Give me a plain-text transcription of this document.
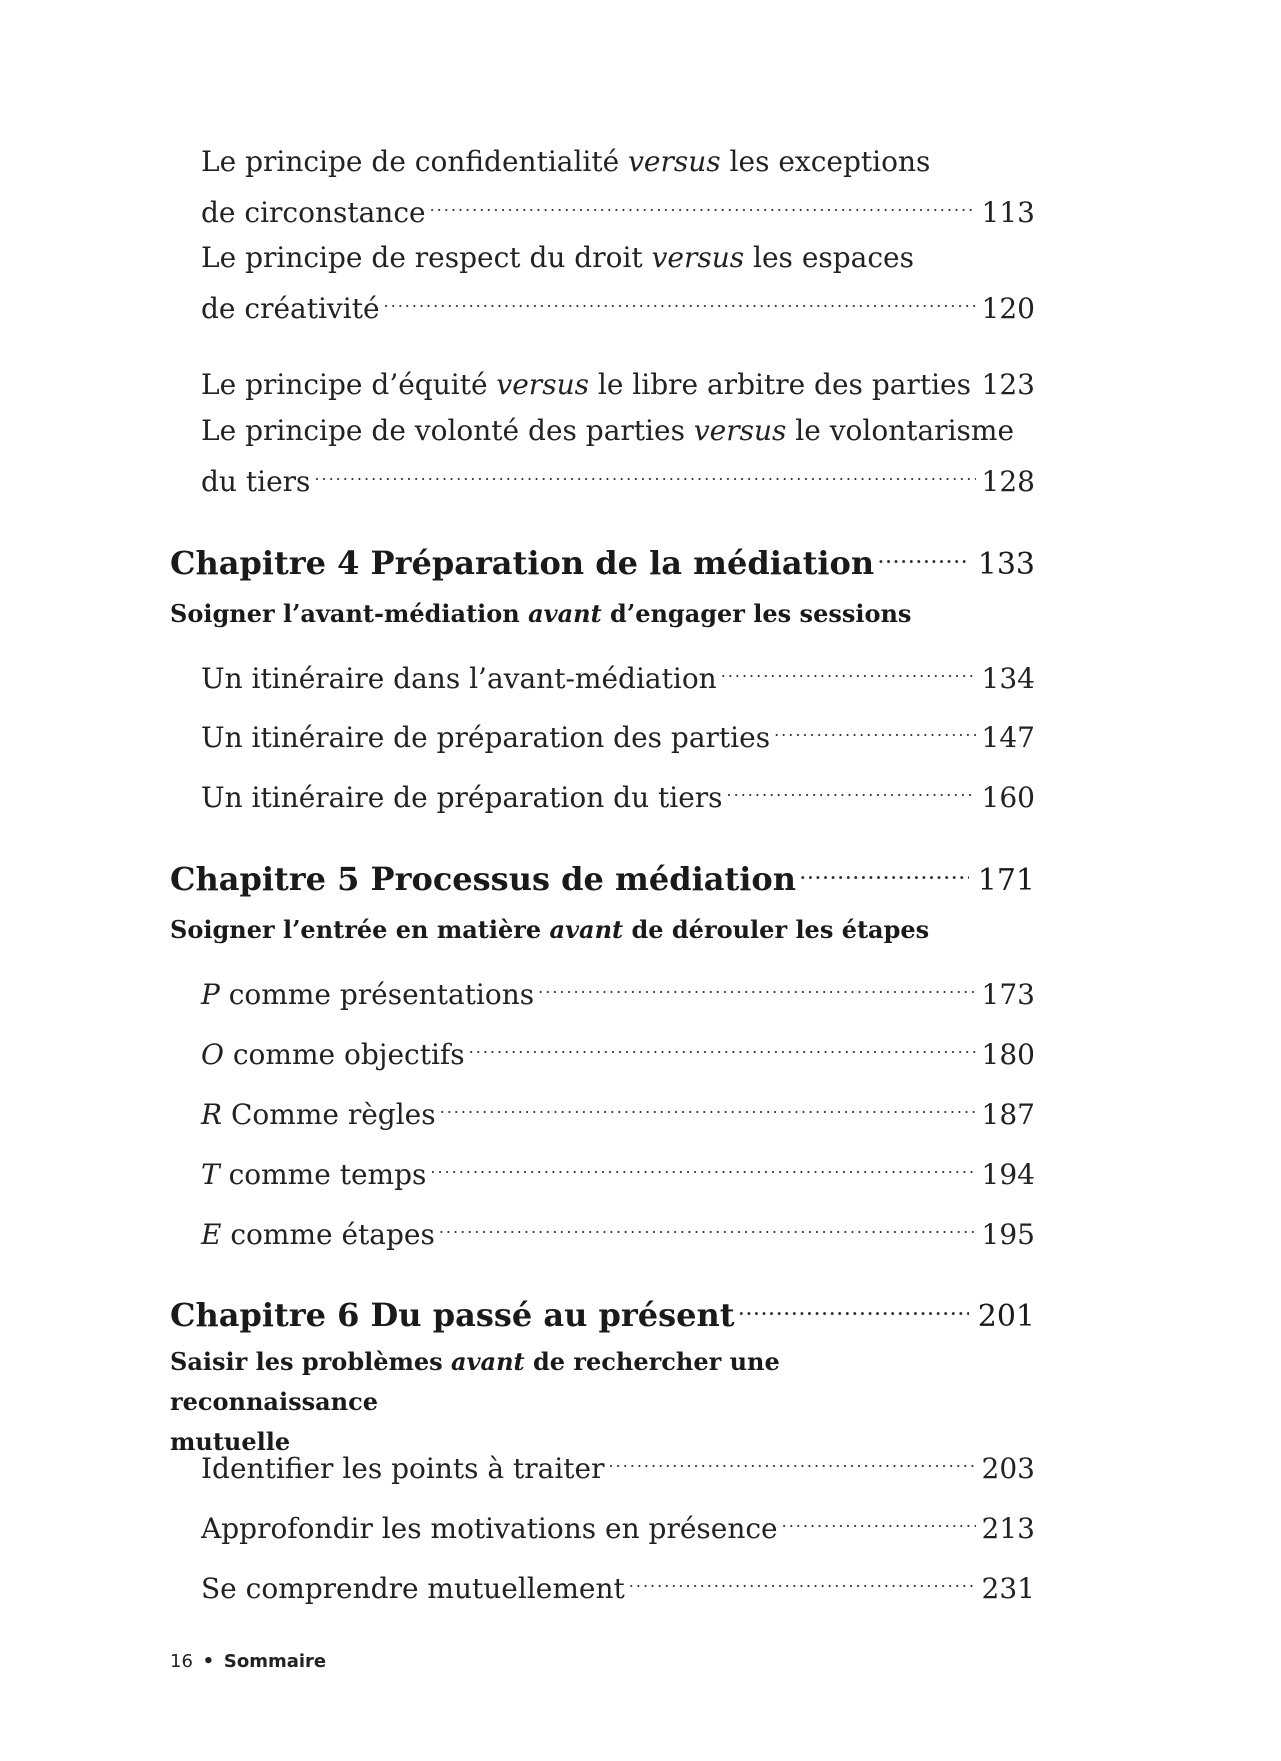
Le principe de confidentialité versus les exceptions
de circonstance .....	113
Le principe de respect du droit versus les espaces
de créativité .....	120
Le principe d’équité versus le libre arbitre des parties ..... 123
Le principe de volonté des parties versus le volontarisme
du tiers .....	128
Chapitre 4 Préparation de la médiation .....	133
Soigner l’avant-médiation avant d’engager les sessions
Un itinéraire dans l’avant-médiation .....	134
Un itinéraire de préparation des parties .....	147
Un itinéraire de préparation du tiers .....	160
Chapitre 5 Processus de médiation .....	171
Soigner l’entrée en matière avant de dérouler les étapes
P comme présentations .....	173
O comme objectifs .....	180
R Comme règles .....	187
T comme temps .....	194
E comme étapes .....	195
Chapitre 6 Du passé au présent .....	201
Saisir les problèmes avant de rechercher une reconnaissance
mutuelle
Identifier les points à traiter .....	203
Approfondir les motivations en présence .....	213
Se comprendre mutuellement .....	231
16 • Sommaire
